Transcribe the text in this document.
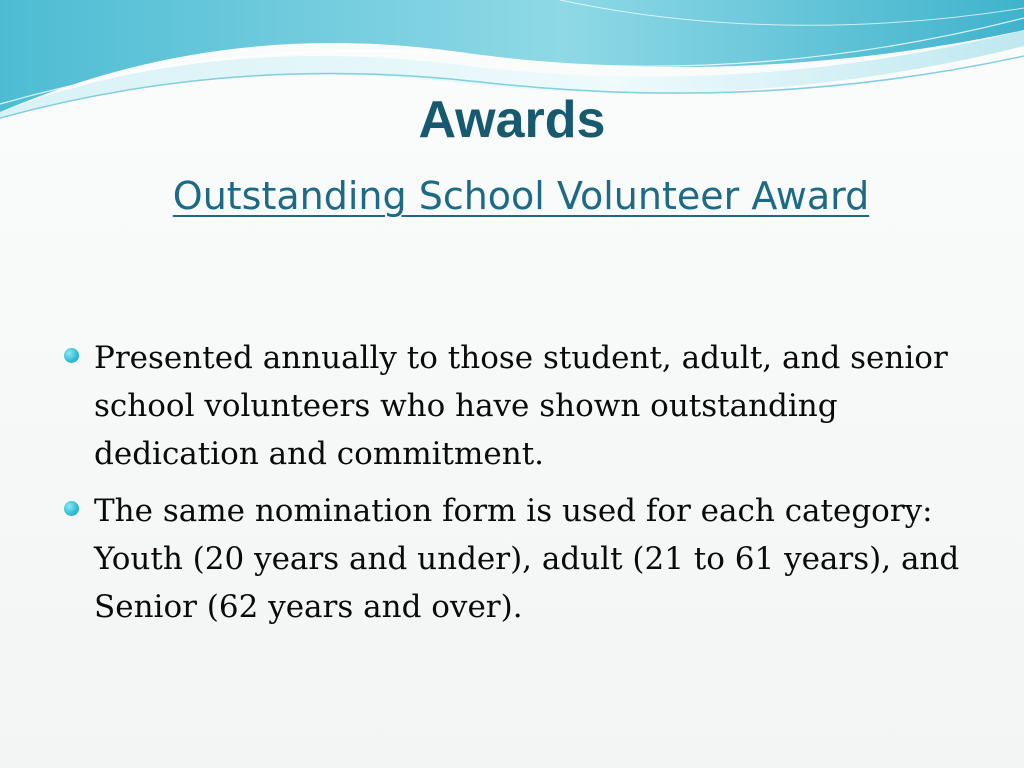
Awards
Outstanding School Volunteer Award
Presented annually to those student, adult, and senior school volunteers who have shown outstanding dedication and commitment.
The same nomination form is used for each category: Youth (20 years and under), adult (21 to 61 years), and Senior (62 years and over).
